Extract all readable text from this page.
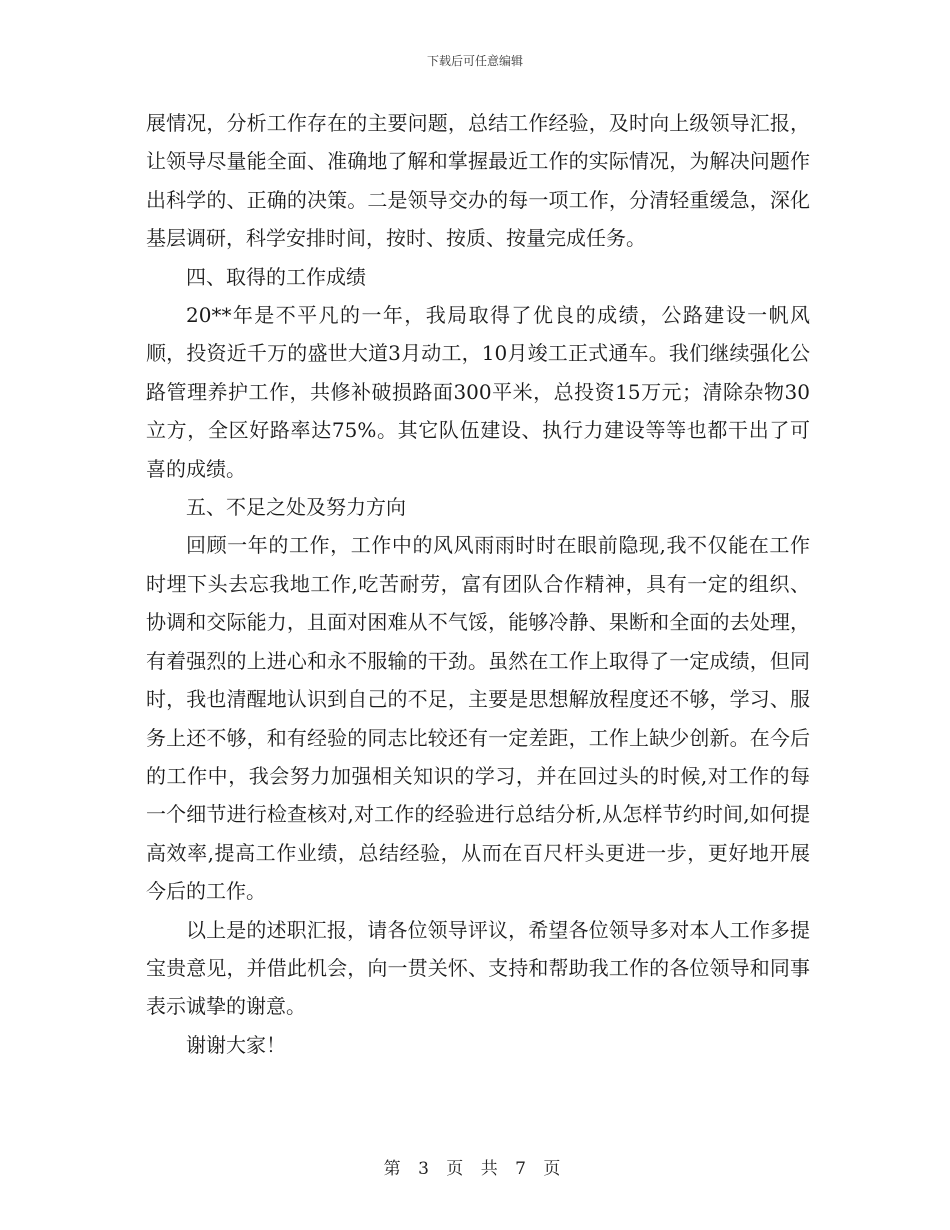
下载后可任意编辑

展情况，分析工作存在的主要问题，总结工作经验，及时向上级领导汇报，让领导尽量能全面、准确地了解和掌握最近工作的实际情况，为解决问题作出科学的、正确的决策。二是领导交办的每一项工作，分清轻重缓急，深化基层调研，科学安排时间，按时、按质、按量完成任务。

四、取得的工作成绩

20**年是不平凡的一年，我局取得了优良的成绩，公路建设一帆风顺，投资近千万的盛世大道3月动工，10月竣工正式通车。我们继续强化公路管理养护工作，共修补破损路面300平米，总投资15万元；清除杂物30立方，全区好路率达75%。其它队伍建设、执行力建设等等也都干出了可喜的成绩。

五、不足之处及努力方向

回顾一年的工作，工作中的风风雨雨时时在眼前隐现,我不仅能在工作时埋下头去忘我地工作,吃苦耐劳，富有团队合作精神，具有一定的组织、协调和交际能力，且面对困难从不气馁，能够冷静、果断和全面的去处理，有着强烈的上进心和永不服输的干劲。虽然在工作上取得了一定成绩，但同时，我也清醒地认识到自己的不足，主要是思想解放程度还不够，学习、服务上还不够，和有经验的同志比较还有一定差距，工作上缺少创新。在今后的工作中，我会努力加强相关知识的学习，并在回过头的时候,对工作的每一个细节进行检查核对,对工作的经验进行总结分析,从怎样节约时间,如何提高效率,提高工作业绩，总结经验，从而在百尺杆头更进一步，更好地开展今后的工作。

以上是的述职汇报，请各位领导评议，希望各位领导多对本人工作多提宝贵意见，并借此机会，向一贯关怀、支持和帮助我工作的各位领导和同事表示诚挚的谢意。

谢谢大家！

第 3 页 共 7 页
